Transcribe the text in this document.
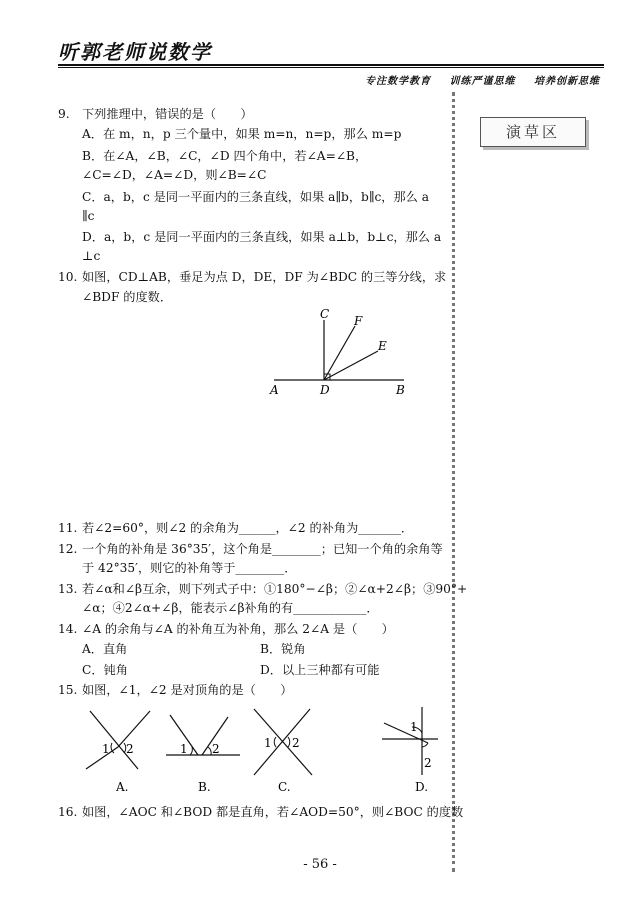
听郭老师说数学
专注数学教育 训练严谨思维 培养创新思维
演草区
9. 下列推理中，错误的是（　　）
A．在 m，n，p 三个量中，如果 m=n，n=p，那么 m=p
B．在∠A，∠B，∠C，∠D 四个角中，若∠A=∠B，
∠C=∠D，∠A=∠D，则∠B=∠C
C．a，b，c 是同一平面内的三条直线，如果 a∥b，b∥c，那么 a
∥c
D．a，b，c 是同一平面内的三条直线，如果 a⊥b，b⊥c，那么 a
⊥c
10. 如图，CD⊥AB，垂足为点 D，DE，DF 为∠BDC 的三等分线，求
∠BDF 的度数．
A	D	B
C F
E
11. 若∠2=60°，则∠2 的余角为______，∠2 的补角为_______．
12. 一个角的补角是 36°35′，这个角是________；已知一个角的余角等
于 42°35′，则它的补角等于________．
13. 若∠α和∠β互余，则下列式子中：①180°−∠β；②∠α+2∠β；③90°+
∠α；④2∠α+∠β，能表示∠β补角的有____________．
14. ∠A 的余角与∠A 的补角互为补角，那么 2∠A 是（　　）
A．直角	B．锐角
C．钝角	D．以上三种都有可能
15. 如图，∠1，∠2 是对顶角的是（　　）
1 2
A.
1 2
B.
1 2
C.
1
2
D.
16. 如图，∠AOC 和∠BOD 都是直角，若∠AOD=50°，则∠BOC 的度数
- 56 -
